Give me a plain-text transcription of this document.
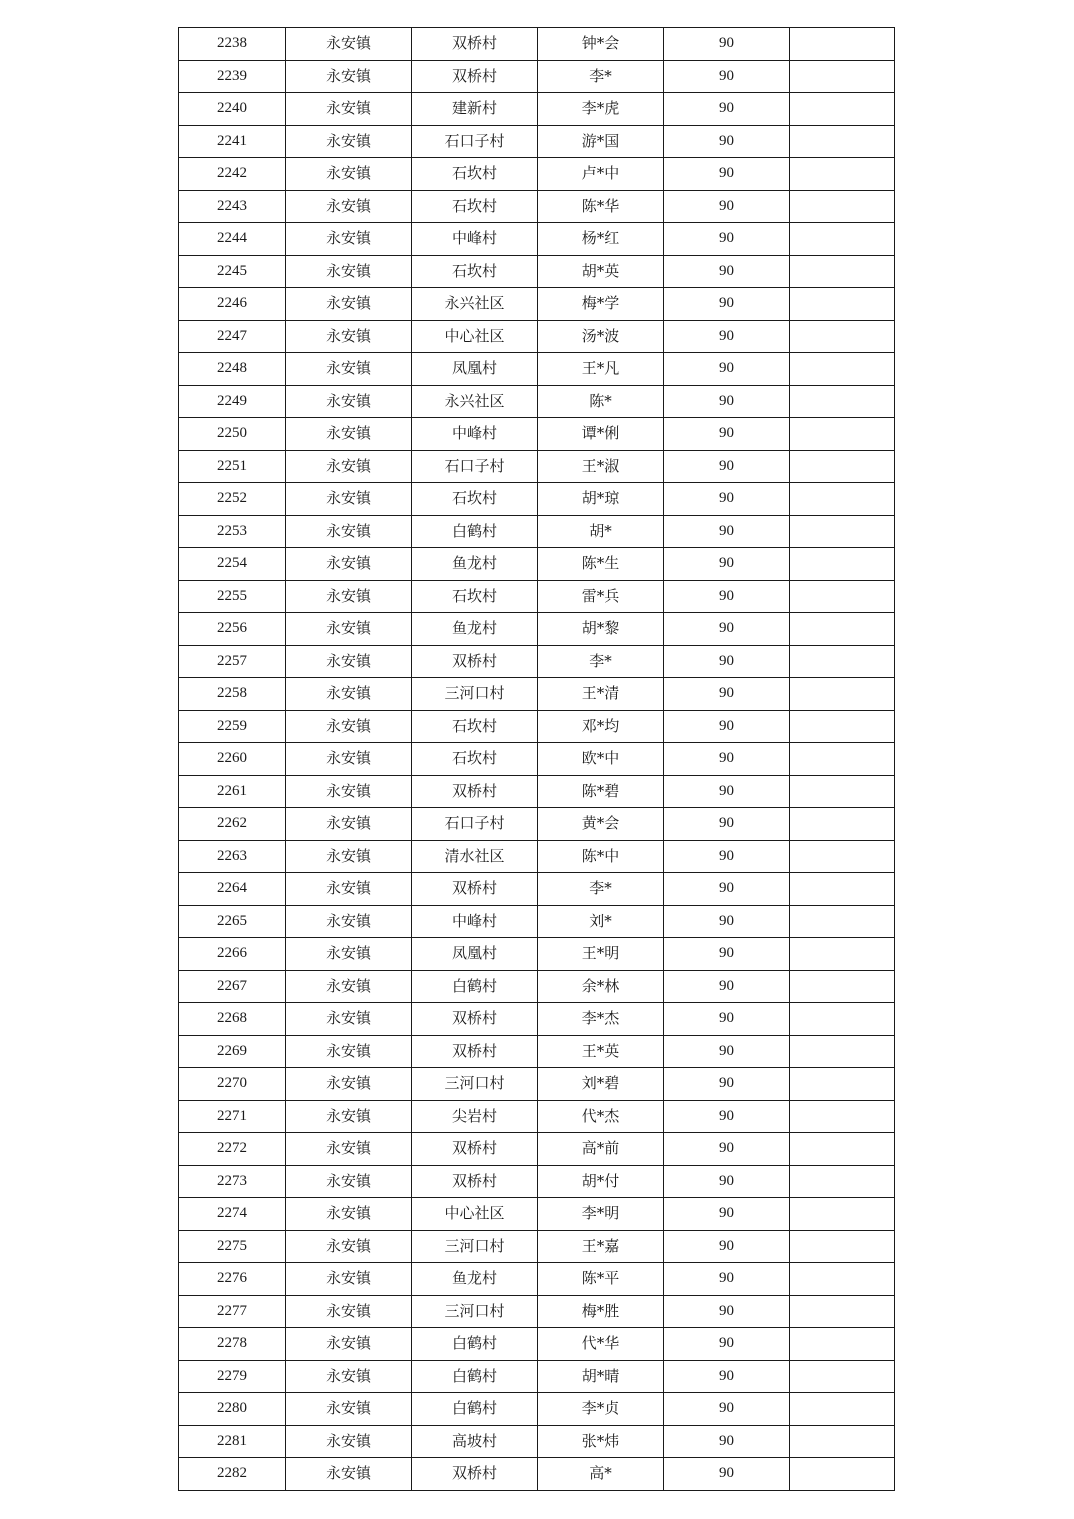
2238	永安镇	双桥村	钟*会	90	
2239	永安镇	双桥村	李*	90	
2240	永安镇	建新村	李*虎	90	
2241	永安镇	石口子村	游*国	90	
2242	永安镇	石坎村	卢*中	90	
2243	永安镇	石坎村	陈*华	90	
2244	永安镇	中峰村	杨*红	90	
2245	永安镇	石坎村	胡*英	90	
2246	永安镇	永兴社区	梅*学	90	
2247	永安镇	中心社区	汤*波	90	
2248	永安镇	凤凰村	王*凡	90	
2249	永安镇	永兴社区	陈*	90	
2250	永安镇	中峰村	谭*俐	90	
2251	永安镇	石口子村	王*淑	90	
2252	永安镇	石坎村	胡*琼	90	
2253	永安镇	白鹤村	胡*	90	
2254	永安镇	鱼龙村	陈*生	90	
2255	永安镇	石坎村	雷*兵	90	
2256	永安镇	鱼龙村	胡*黎	90	
2257	永安镇	双桥村	李*	90	
2258	永安镇	三河口村	王*清	90	
2259	永安镇	石坎村	邓*均	90	
2260	永安镇	石坎村	欧*中	90	
2261	永安镇	双桥村	陈*碧	90	
2262	永安镇	石口子村	黄*会	90	
2263	永安镇	清水社区	陈*中	90	
2264	永安镇	双桥村	李*	90	
2265	永安镇	中峰村	刘*	90	
2266	永安镇	凤凰村	王*明	90	
2267	永安镇	白鹤村	余*林	90	
2268	永安镇	双桥村	李*杰	90	
2269	永安镇	双桥村	王*英	90	
2270	永安镇	三河口村	刘*碧	90	
2271	永安镇	尖岩村	代*杰	90	
2272	永安镇	双桥村	高*前	90	
2273	永安镇	双桥村	胡*付	90	
2274	永安镇	中心社区	李*明	90	
2275	永安镇	三河口村	王*嘉	90	
2276	永安镇	鱼龙村	陈*平	90	
2277	永安镇	三河口村	梅*胜	90	
2278	永安镇	白鹤村	代*华	90	
2279	永安镇	白鹤村	胡*晴	90	
2280	永安镇	白鹤村	李*贞	90	
2281	永安镇	高坡村	张*炜	90	
2282	永安镇	双桥村	高*	90	
